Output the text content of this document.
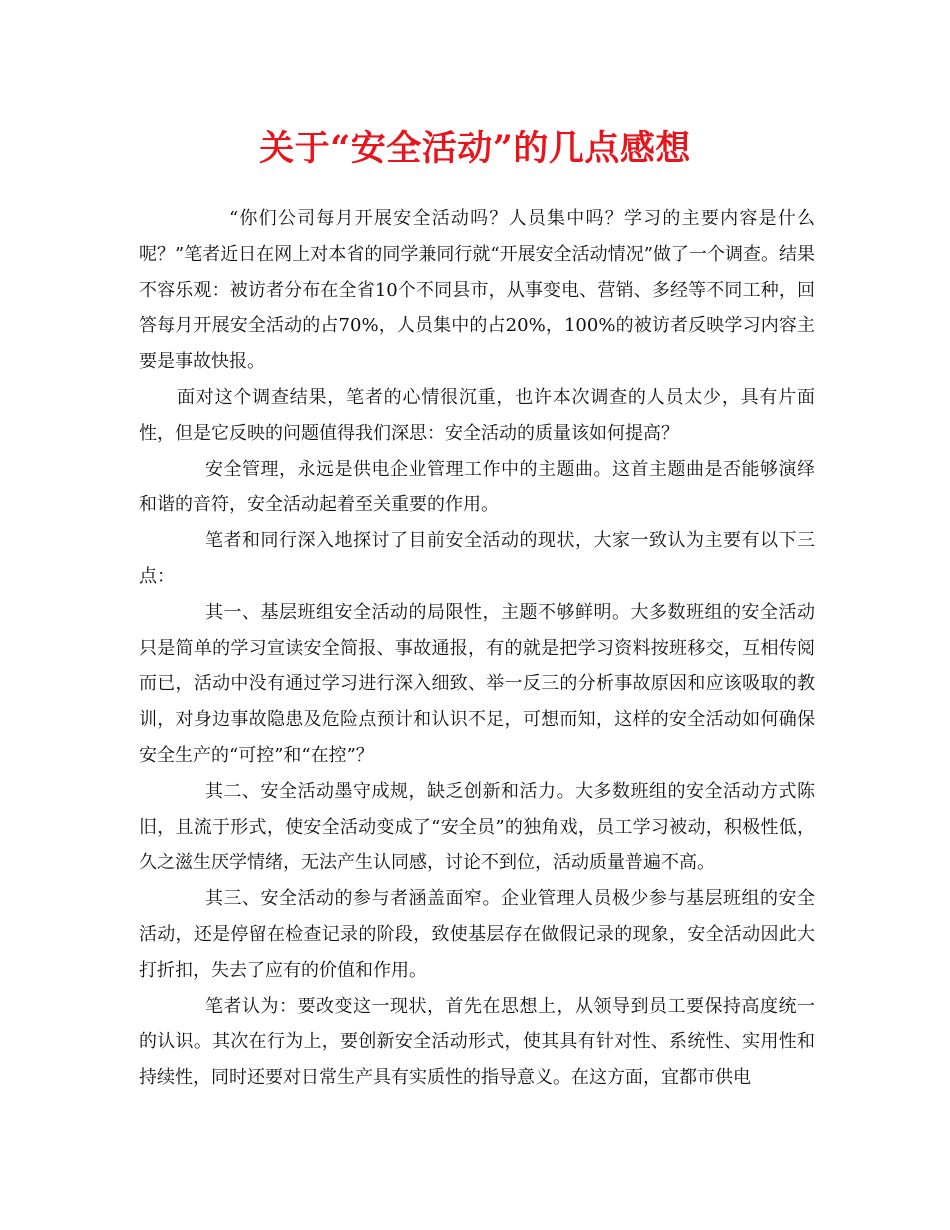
关于“安全活动”的几点感想

“你们公司每月开展安全活动吗？人员集中吗？学习的主要内容是什么呢？”笔者近日在网上对本省的同学兼同行就“开展安全活动情况”做了一个调查。结果不容乐观：被访者分布在全省10个不同县市，从事变电、营销、多经等不同工种，回答每月开展安全活动的占70%，人员集中的占20%，100%的被访者反映学习内容主要是事故快报。

面对这个调查结果，笔者的心情很沉重，也许本次调查的人员太少，具有片面性，但是它反映的问题值得我们深思：安全活动的质量该如何提高？

安全管理，永远是供电企业管理工作中的主题曲。这首主题曲是否能够演绎和谐的音符，安全活动起着至关重要的作用。

笔者和同行深入地探讨了目前安全活动的现状，大家一致认为主要有以下三点：

其一、基层班组安全活动的局限性，主题不够鲜明。大多数班组的安全活动只是简单的学习宣读安全简报、事故通报，有的就是把学习资料按班移交，互相传阅而已，活动中没有通过学习进行深入细致、举一反三的分析事故原因和应该吸取的教训，对身边事故隐患及危险点预计和认识不足，可想而知，这样的安全活动如何确保安全生产的“可控”和“在控”？

其二、安全活动墨守成规，缺乏创新和活力。大多数班组的安全活动方式陈旧，且流于形式，使安全活动变成了“安全员”的独角戏，员工学习被动，积极性低，久之滋生厌学情绪，无法产生认同感，讨论不到位，活动质量普遍不高。

其三、安全活动的参与者涵盖面窄。企业管理人员极少参与基层班组的安全活动，还是停留在检查记录的阶段，致使基层存在做假记录的现象，安全活动因此大打折扣，失去了应有的价值和作用。

笔者认为：要改变这一现状，首先在思想上，从领导到员工要保持高度统一的认识。其次在行为上，要创新安全活动形式，使其具有针对性、系统性、实用性和持续性，同时还要对日常生产具有实质性的指导意义。在这方面，宜都市供电
